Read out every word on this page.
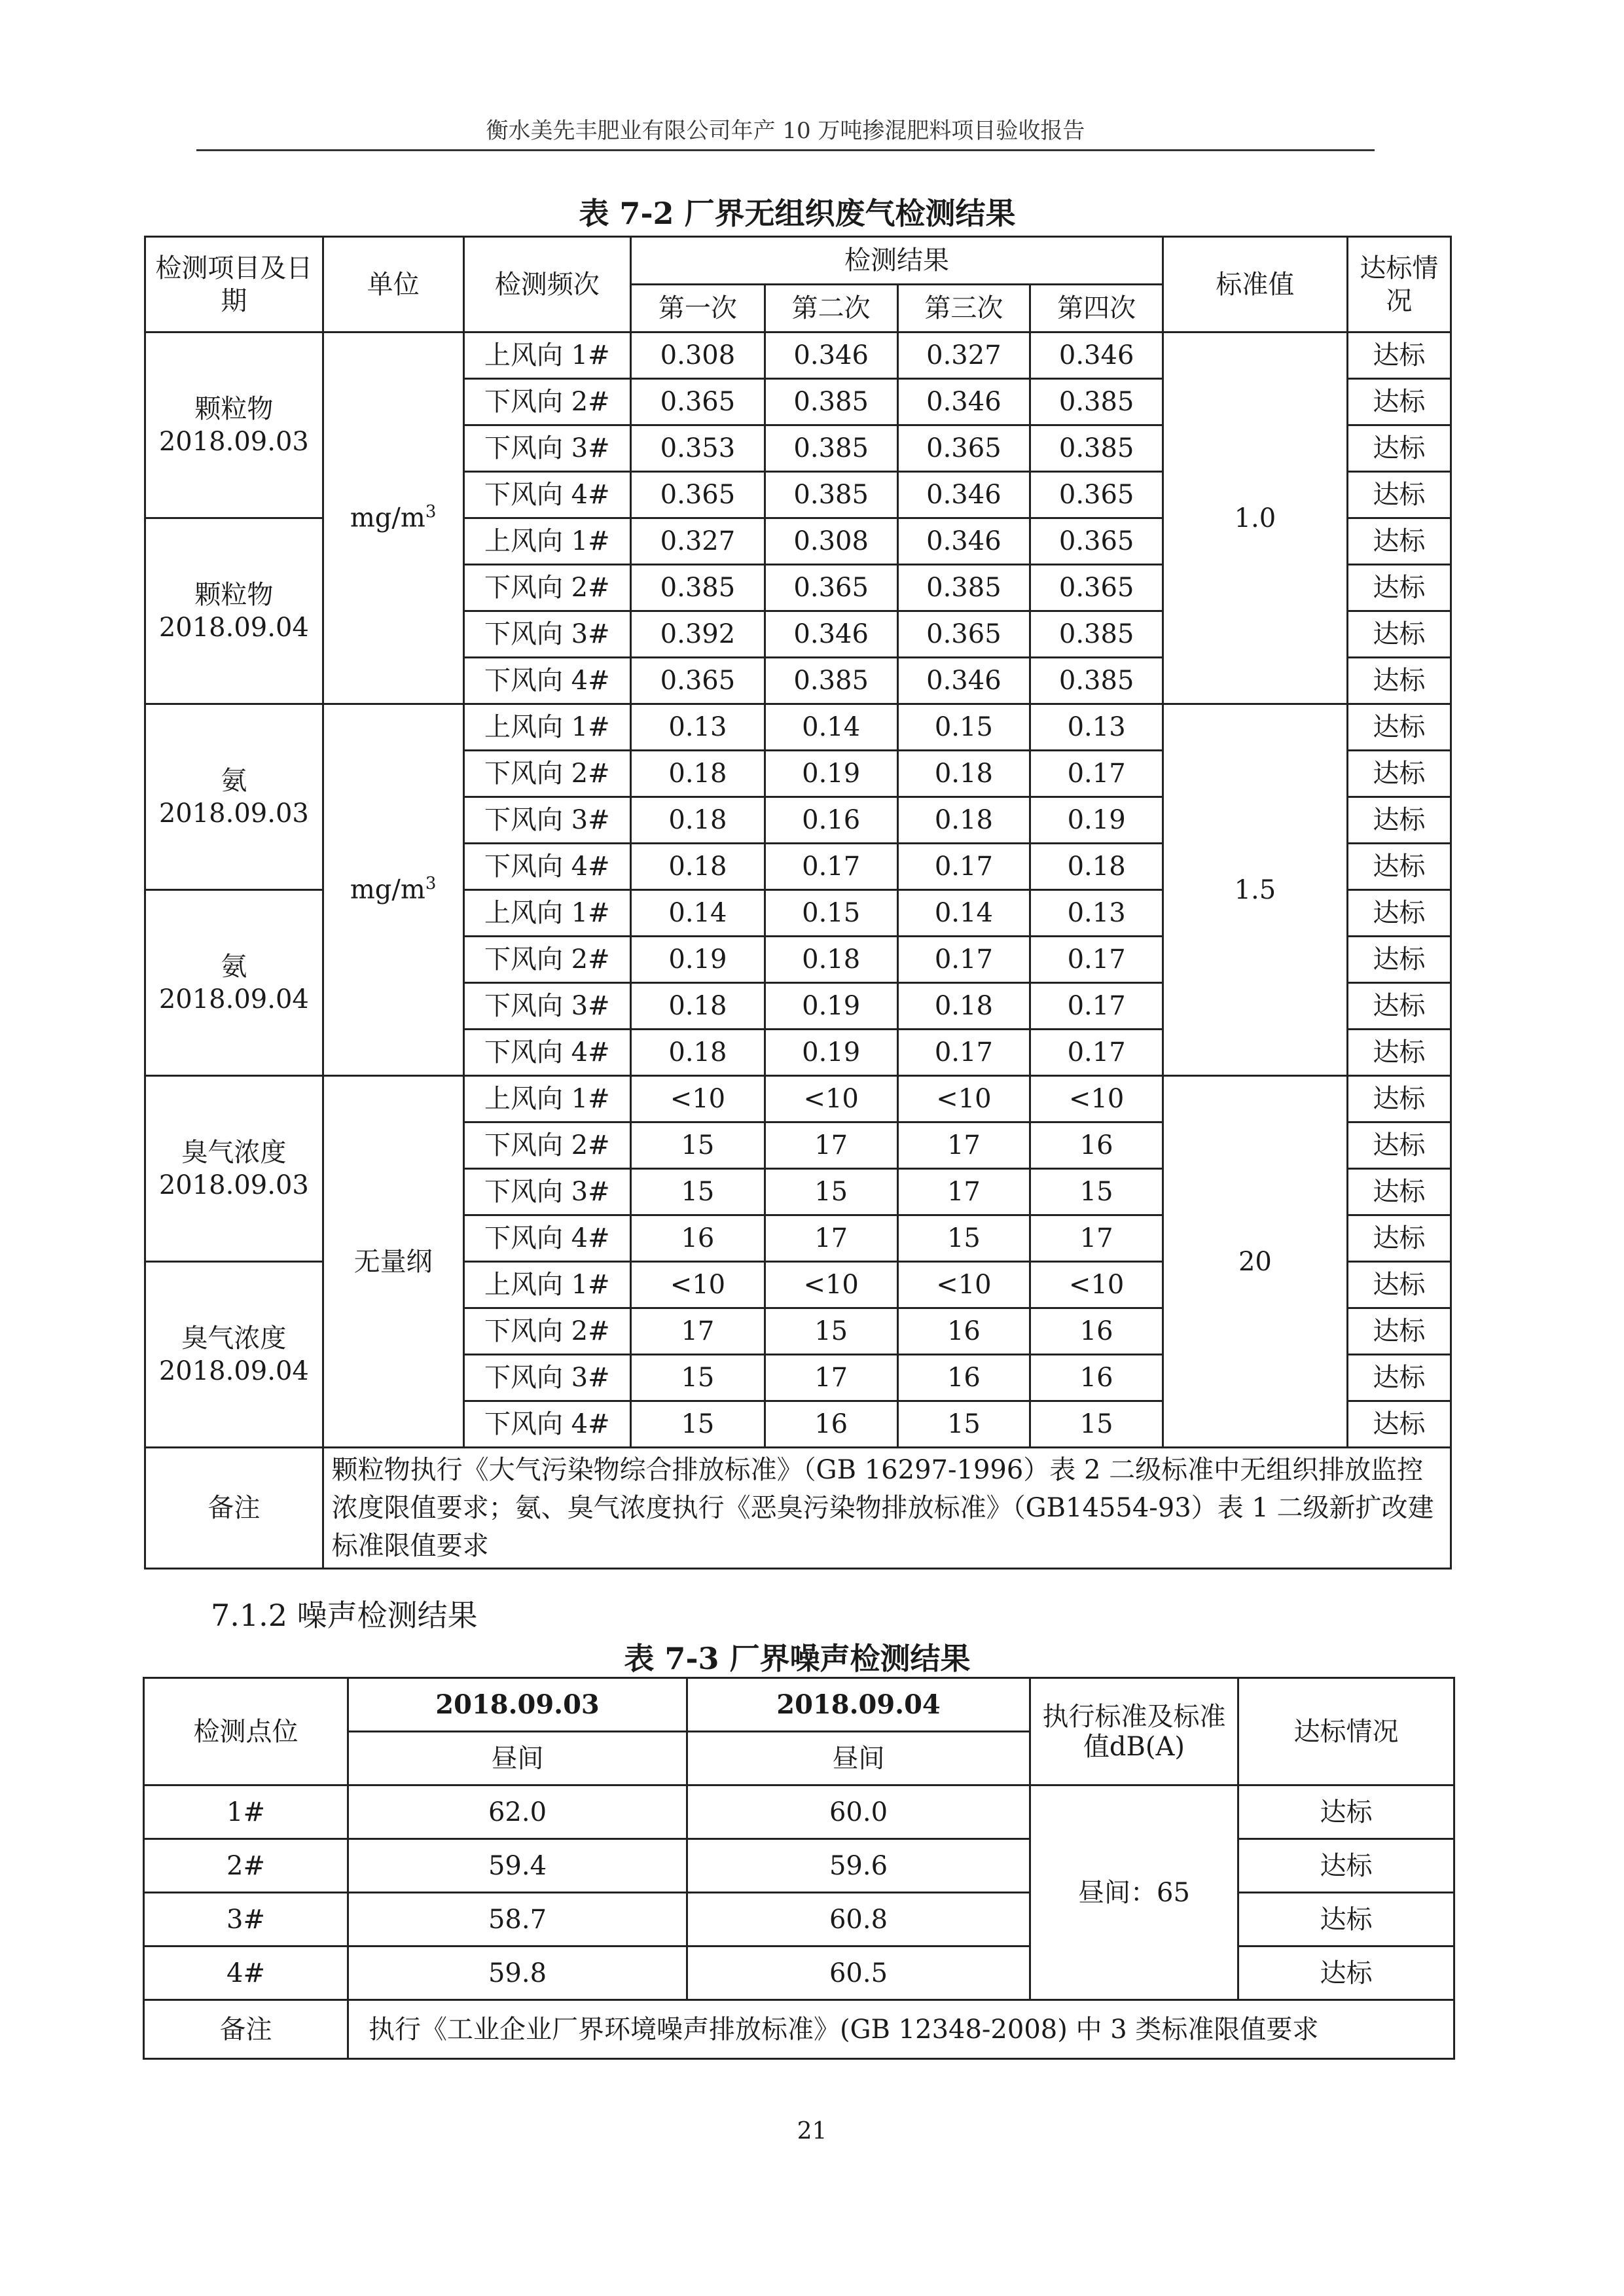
衡水美先丰肥业有限公司年产 10 万吨掺混肥料项目验收报告
表 7-2 厂界无组织废气检测结果
检测项目及日期	单位	检测频次	检测结果				标准值	达标情况
			第一次	第二次	第三次	第四次		

颗粒物
2018.09.03	$mg/m^3$	上风向 1#	0.308	0.346	0.327	0.346	1.0	达标
		下风向 2#	0.365	0.385	0.346	0.385		达标
		下风向 3#	0.353	0.385	0.365	0.385		达标
		下风向 4#	0.365	0.385	0.346	0.365		达标

颗粒物
2018.09.04		上风向 1#	0.327	0.308	0.346	0.365		达标
		下风向 2#	0.385	0.365	0.385	0.365		达标
		下风向 3#	0.392	0.346	0.365	0.385		达标
		下风向 4#	0.365	0.385	0.346	0.385		达标

氨
2018.09.03	$mg/m^3$	上风向 1#	0.13	0.14	0.15	0.13	1.5	达标
		下风向 2#	0.18	0.19	0.18	0.17		达标
		下风向 3#	0.18	0.16	0.18	0.19		达标
		下风向 4#	0.18	0.17	0.17	0.18		达标

氨
2018.09.04		上风向 1#	0.14	0.15	0.14	0.13		达标
		下风向 2#	0.19	0.18	0.17	0.17		达标
		下风向 3#	0.18	0.19	0.18	0.17		达标
		下风向 4#	0.18	0.19	0.17	0.17		达标

臭气浓度
2018.09.03	无量纲	上风向 1#	<10	<10	<10	<10	20	达标
		下风向 2#	15	17	17	16		达标
		下风向 3#	15	15	17	15		达标
		下风向 4#	16	17	15	17		达标

臭气浓度
2018.09.04		上风向 1#	<10	<10	<10	<10		达标
		下风向 2#	17	15	16	16		达标
		下风向 3#	15	17	16	16		达标
		下风向 4#	15	16	15	15		达标
备注	颗粒物执行《大气污染物综合排放标准》（GB 16297-1996）表 2 二级标准中无组织排放监控浓度限值要求；氨、臭气浓度执行《恶臭污染物排放标准》（GB14554-93）表 1 二级新扩改建标准限值要求							
7.1.2 噪声检测结果
表 7-3 厂界噪声检测结果
检测点位	2018.09.03	2018.09.04	执行标准及标准值dB(A)	达标情况
	昼间	昼间		
1#	62.0	60.0	昼间：65	达标
2#	59.4	59.6		达标
3#	58.7	60.8		达标
4#	59.8	60.5		达标
备注	执行《工业企业厂界环境噪声排放标准》(GB 12348-2008) 中 3 类标准限值要求			
21
